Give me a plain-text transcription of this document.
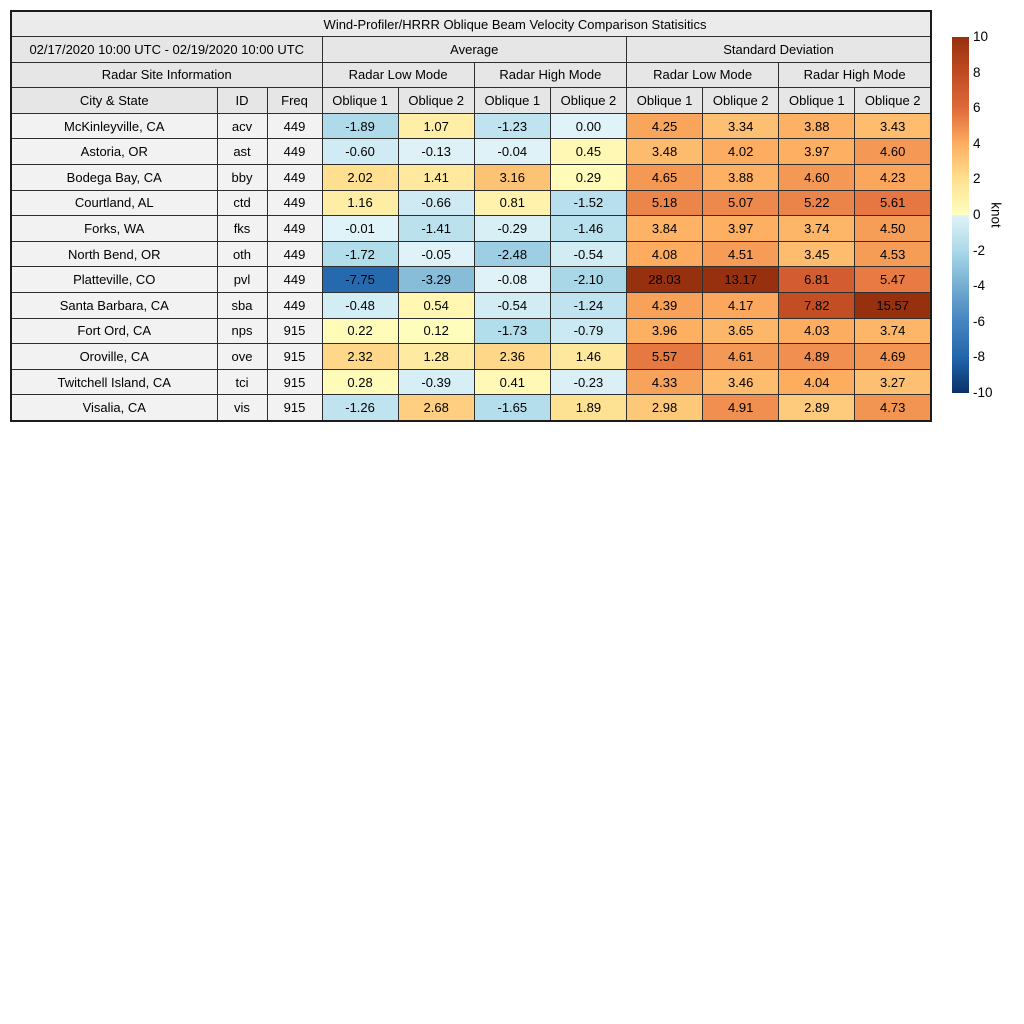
Wind-Profiler/HRRR Oblique Beam Velocity Comparison Statisitics										
02/17/2020 10:00 UTC - 02/19/2020 10:00 UTC			Average				Standard Deviation			
Radar Site Information			Radar Low Mode		Radar High Mode		Radar Low Mode		Radar High Mode	
City & State	ID	Freq	Oblique 1	Oblique 2	Oblique 1	Oblique 2	Oblique 1	Oblique 2	Oblique 1	Oblique 2
McKinleyville, CA	acv	449	-1.89	1.07	-1.23	0.00	4.25	3.34	3.88	3.43
Astoria, OR	ast	449	-0.60	-0.13	-0.04	0.45	3.48	4.02	3.97	4.60
Bodega Bay, CA	bby	449	2.02	1.41	3.16	0.29	4.65	3.88	4.60	4.23
Courtland, AL	ctd	449	1.16	-0.66	0.81	-1.52	5.18	5.07	5.22	5.61
Forks, WA	fks	449	-0.01	-1.41	-0.29	-1.46	3.84	3.97	3.74	4.50
North Bend, OR	oth	449	-1.72	-0.05	-2.48	-0.54	4.08	4.51	3.45	4.53
Platteville, CO	pvl	449	-7.75	-3.29	-0.08	-2.10	28.03	13.17	6.81	5.47
Santa Barbara, CA	sba	449	-0.48	0.54	-0.54	-1.24	4.39	4.17	7.82	15.57
Fort Ord, CA	nps	915	0.22	0.12	-1.73	-0.79	3.96	3.65	4.03	3.74
Oroville, CA	ove	915	2.32	1.28	2.36	1.46	5.57	4.61	4.89	4.69
Twitchell Island, CA	tci	915	0.28	-0.39	0.41	-0.23	4.33	3.46	4.04	3.27
Visalia, CA	vis	915	-1.26	2.68	-1.65	1.89	2.98	4.91	2.89	4.73
10
8
6
4
2
0
-2
-4
-6
-8
-10
knot
